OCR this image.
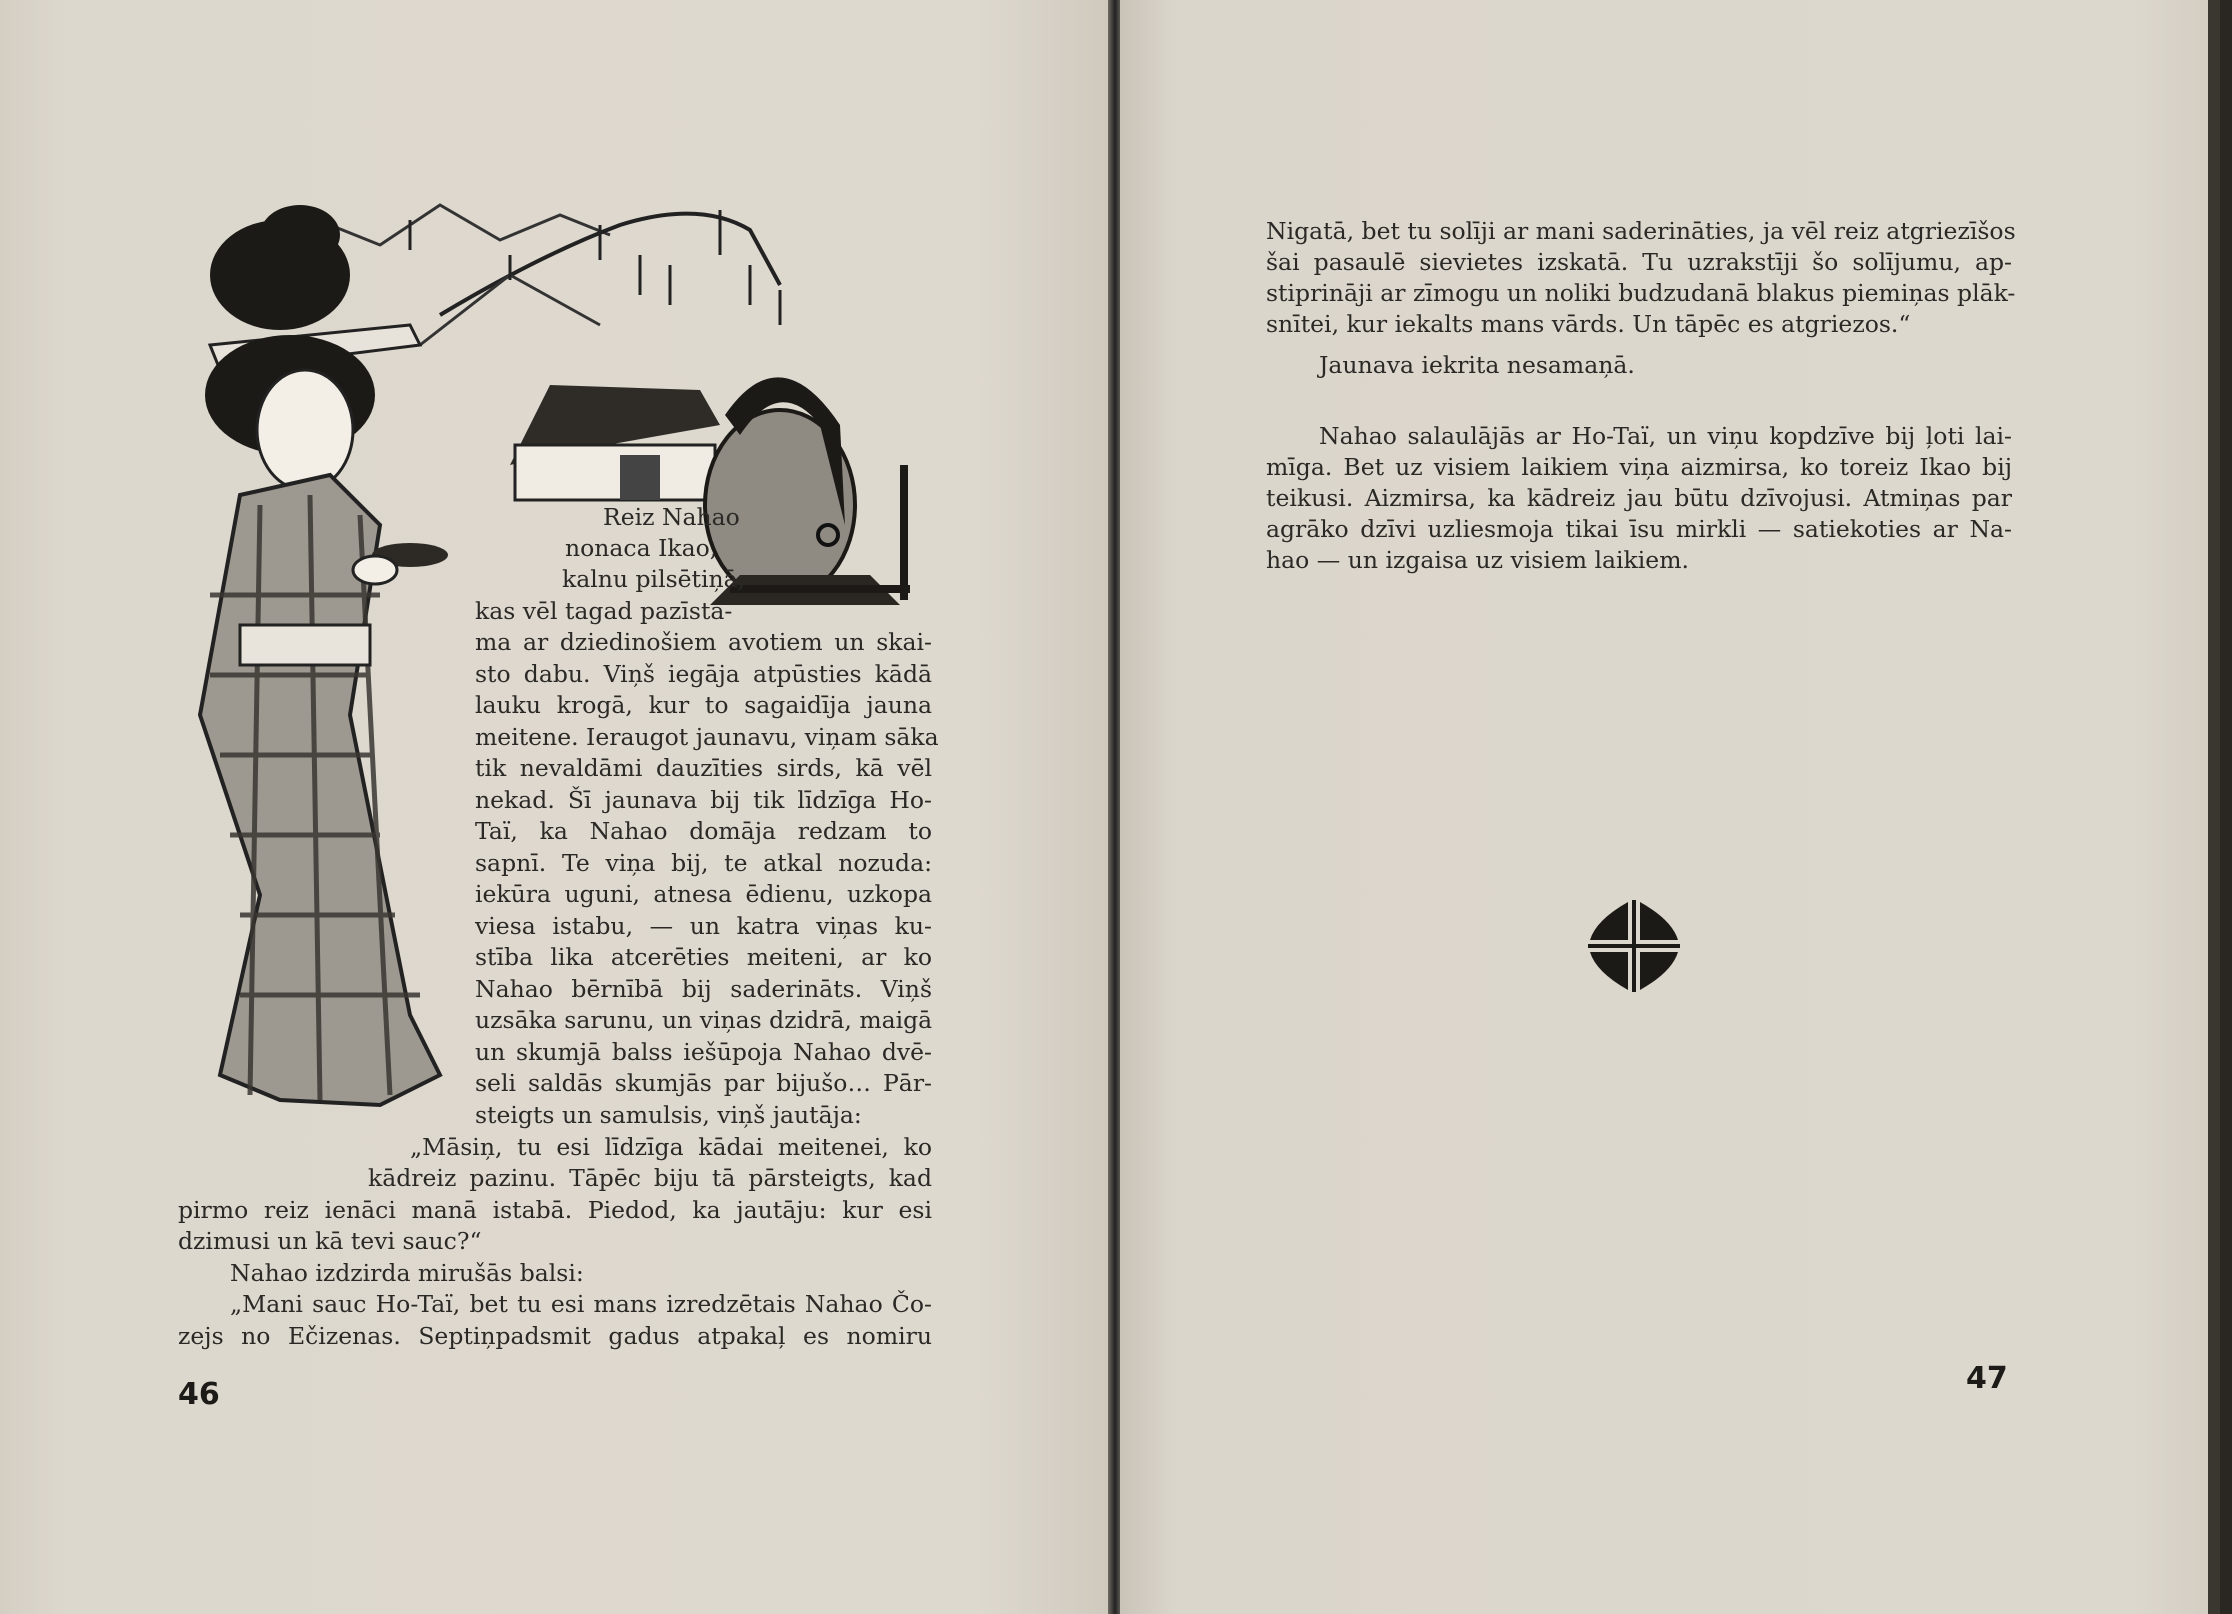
Reiz Nahao
nonaca Ikao,
kalnu pilsētiņā,
kas vēl tagad pazīsta-
ma ar dziedinošiem avotiem un skai-
sto dabu. Viņš iegāja atpūsties kādā
lauku krogā, kur to sagaidīja jauna
meitene. Ieraugot jaunavu, viņam sāka
tik nevaldāmi dauzīties sirds, kā vēl
nekad. Šī jaunava bij tik līdzīga Ho-
Taï, ka Nahao domāja redzam to
sapnī. Te viņa bij, te atkal nozuda:
iekūra uguni, atnesa ēdienu, uzkopa
viesa istabu, — un katra viņas ku-
stība lika atcerēties meiteni, ar ko
Nahao bērnībā bij saderināts. Viņš
uzsāka sarunu, un viņas dzidrā, maigā
un skumjā balss iešūpoja Nahao dvē-
seli saldās skumjās par bijušo… Pār-
steigts un samulsis, viņš jautāja:
„Māsiņ, tu esi līdzīga kādai meitenei, ko
kādreiz pazinu. Tāpēc biju tā pārsteigts, kad
pirmo reiz ienāci manā istabā. Piedod, ka jautāju: kur esi
dzimusi un kā tevi sauc?“
Nahao izdzirda mirušās balsi:
„Mani sauc Ho-Taï, bet tu esi mans izredzētais Nahao Čo-
zejs no Ečizenas. Septiņpadsmit gadus atpakaļ es nomiru
46
Nigatā, bet tu solīji ar mani saderināties, ja vēl reiz atgriezīšos
šai pasaulē sievietes izskatā. Tu uzrakstīji šo solījumu, ap-
stiprināji ar zīmogu un noliki budzudanā blakus piemiņas plāk-
snītei, kur iekalts mans vārds. Un tāpēc es atgriezos.“
Jaunava iekrita nesamaņā.
Nahao salaulājās ar Ho-Taï, un viņu kopdzīve bij ļoti lai-
mīga. Bet uz visiem laikiem viņa aizmirsa, ko toreiz Ikao bij
teikusi. Aizmirsa, ka kādreiz jau būtu dzīvojusi. Atmiņas par
agrāko dzīvi uzliesmoja tikai īsu mirkli — satiekoties ar Na-
hao — un izgaisa uz visiem laikiem.
47
